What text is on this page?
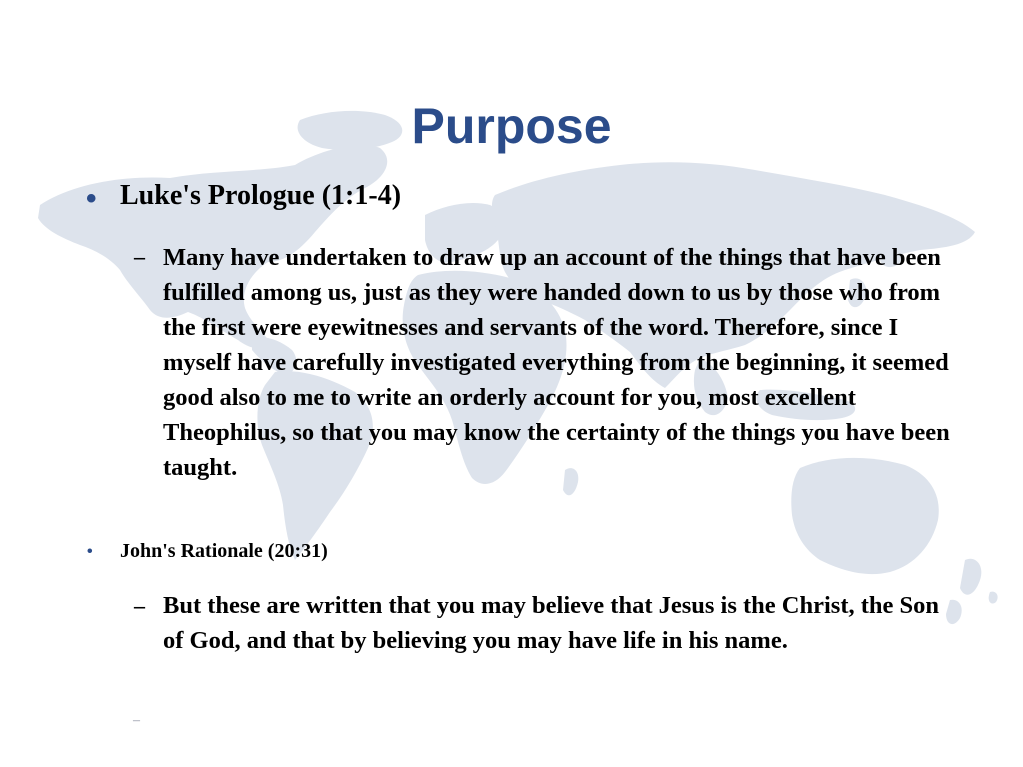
Purpose
• Luke's Prologue (1:1-4)
– Many have undertaken to draw up an account of the things that have been fulfilled among us, just as they were handed down to us by those who from the first were eyewitnesses and servants of the word. Therefore, since I myself have carefully investigated everything from the beginning, it seemed good also to me to write an orderly account for you, most excellent Theophilus, so that you may know the certainty of the things you have been taught.
• John's Rationale (20:31)
– But these are written that you may believe that Jesus is the Christ, the Son of God, and that by believing you may have life in his name.
–
